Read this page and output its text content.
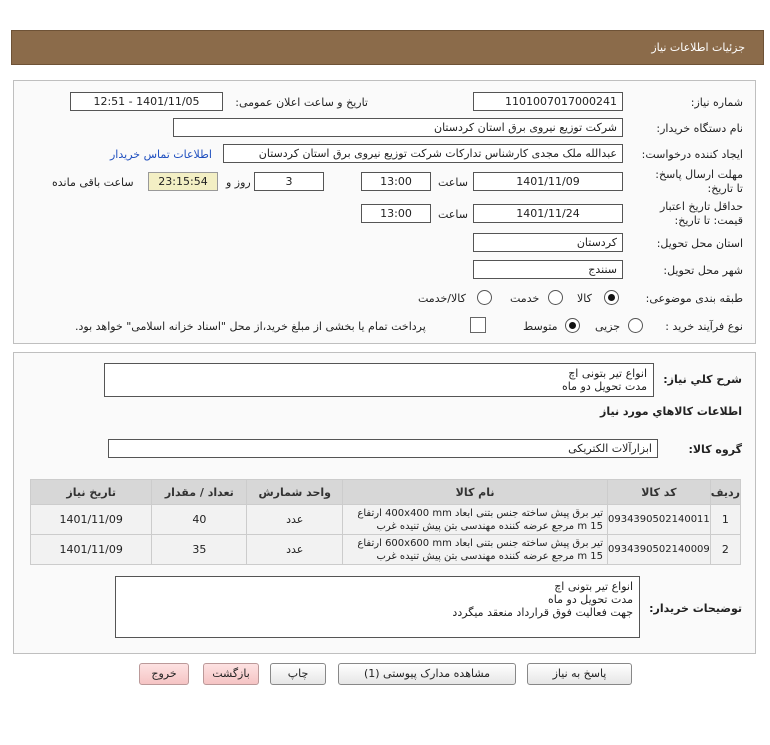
جزئیات اطلاعات نیاز
شماره نیاز:
1101007017000241
تاریخ و ساعت اعلان عمومی:
1401/11/05 - 12:51
نام دستگاه خریدار:
شرکت توزیع نیروی برق استان کردستان
ایجاد کننده درخواست:
عبدالله ملک مجدی کارشناس تدارکات شرکت توزیع نیروی برق استان کردستان
اطلاعات تماس خریدار
مهلت ارسال پاسخ: تا تاریخ:
1401/11/09
ساعت
13:00
3
روز و
23:15:54
ساعت باقی مانده
حداقل تاریخ اعتبار قیمت: تا تاریخ:
1401/11/24
ساعت
13:00
استان محل تحویل:
کردستان
شهر محل تحویل:
سنندج
طبقه بندی موضوعی:
کالا
خدمت
کالا/خدمت
نوع فرآیند خرید :
جزیی
متوسط
پرداخت تمام یا بخشی از مبلغ خرید،از محل "اسناد خزانه اسلامی" خواهد بود.
شرح کلي نياز:
انواع تیر بتونی اچ
مدت تحویل دو ماه
اطلاعات كالاهاي مورد نياز
گروه کالا:
ابزارآلات الکتریکی
ردیف	کد کالا	نام کالا	واحد شمارش	تعداد / مقدار	تاریخ نیاز
1	0934390502140011	تیر برق پیش ساخته جنس بتنی ابعاد 400x400 mm ارتفاع 15 m مرجع عرضه کننده مهندسی بتن پیش تنیده غرب	عدد	40	1401/11/09
2	0934390502140009	تیر برق پیش ساخته جنس بتنی ابعاد 600x600 mm ارتفاع 15 m مرجع عرضه کننده مهندسی بتن پیش تنیده غرب	عدد	35	1401/11/09
توضیحات خریدار:
انواع تیر بتونی اچ
مدت تحویل دو ماه
جهت فعالیت فوق قرارداد منعقد میگردد
پاسخ به نیاز
مشاهده مدارک پیوستی (1)
چاپ
بازگشت
خروج
